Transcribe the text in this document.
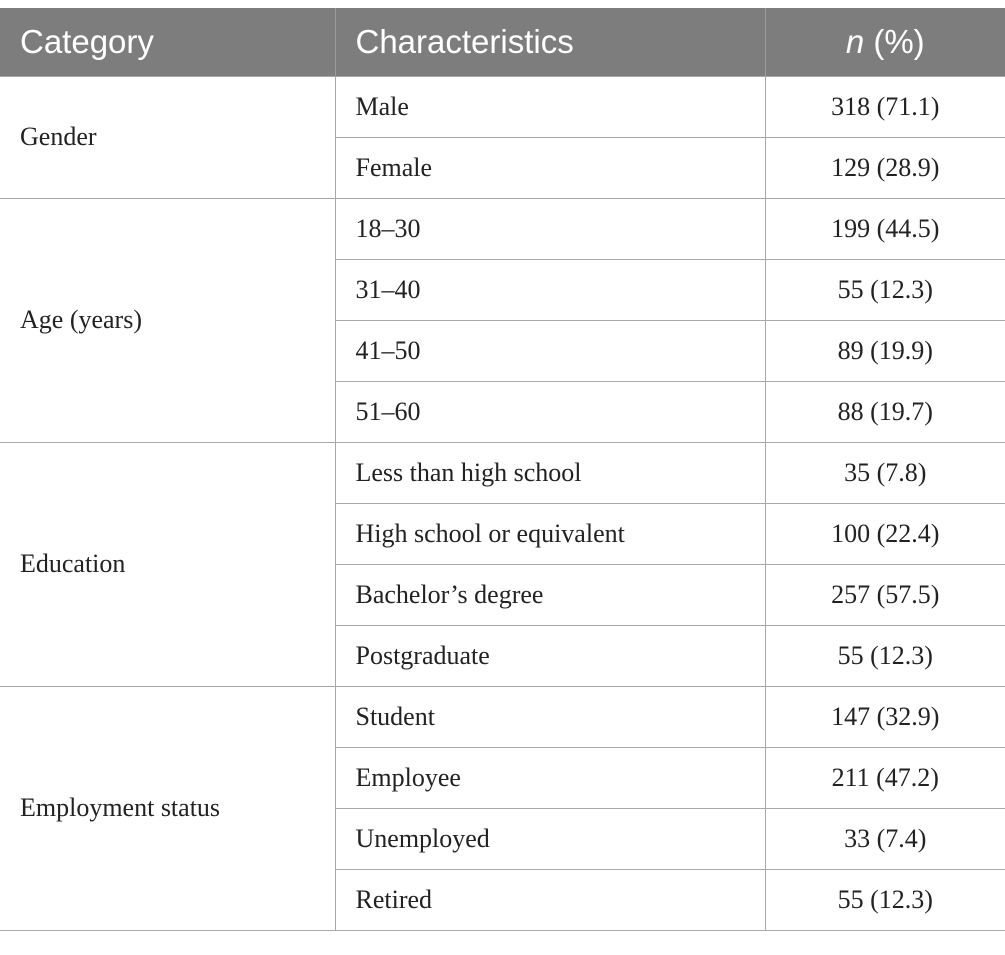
Category	Characteristics	n (%)
Gender	Male	318 (71.1)
	Female	129 (28.9)
Age (years)	18–30	199 (44.5)
	31–40	55 (12.3)
	41–50	89 (19.9)
	51–60	88 (19.7)
Education	Less than high school	35 (7.8)
	High school or equivalent	100 (22.4)
	Bachelor’s degree	257 (57.5)
	Postgraduate	55 (12.3)
Employment status	Student	147 (32.9)
	Employee	211 (47.2)
	Unemployed	33 (7.4)
	Retired	55 (12.3)
